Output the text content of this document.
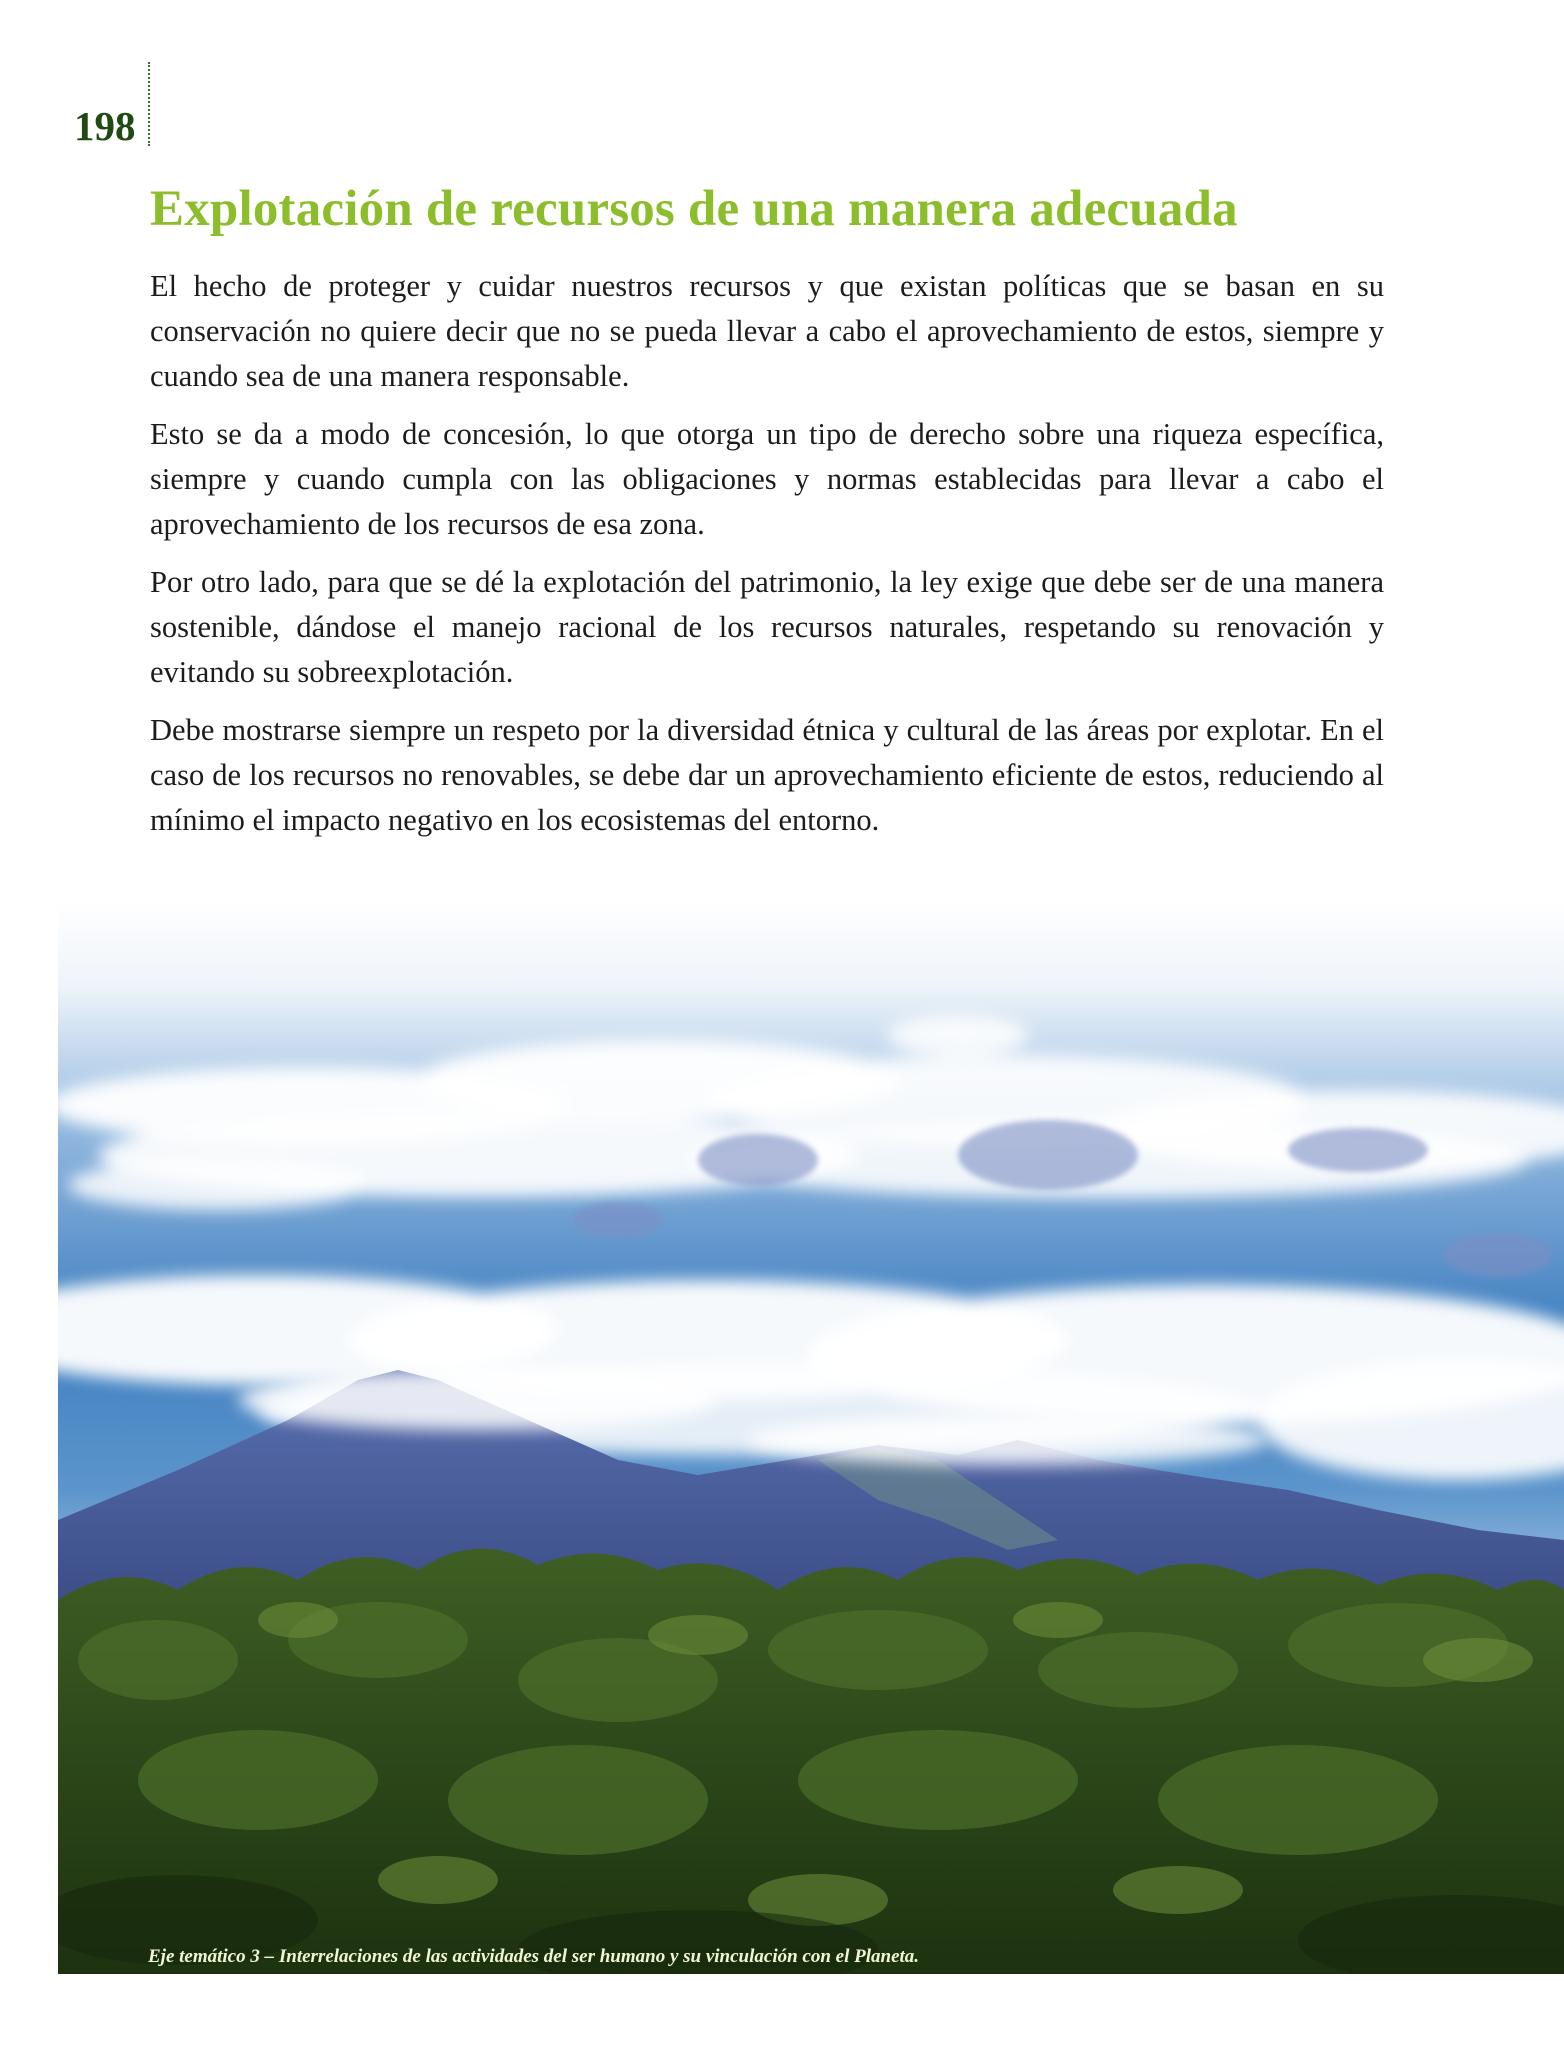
198
Explotación de recursos de una manera adecuada

El hecho de proteger y cuidar nuestros recursos y que existan políticas que se basan en su conservación no quiere decir que no se pueda llevar a cabo el aprovechamiento de estos, siempre y cuando sea de una manera responsable.

Esto se da a modo de concesión, lo que otorga un tipo de derecho sobre una riqueza específica, siempre y cuando cumpla con las obligaciones y normas establecidas para llevar a cabo el aprovechamiento de los recursos de esa zona.

Por otro lado, para que se dé la explotación del patrimonio, la ley exige que debe ser de una manera sostenible, dándose el manejo racional de los recursos naturales, respetando su renovación y evitando su sobreexplotación.

Debe mostrarse siempre un respeto por la diversidad étnica y cultural de las áreas por explotar. En el caso de los recursos no renovables, se debe dar un aprovechamiento eficiente de estos, reduciendo al mínimo el impacto negativo en los ecosistemas del entorno.

Eje temático 3 – Interrelaciones de las actividades del ser humano y su vinculación con el Planeta.
